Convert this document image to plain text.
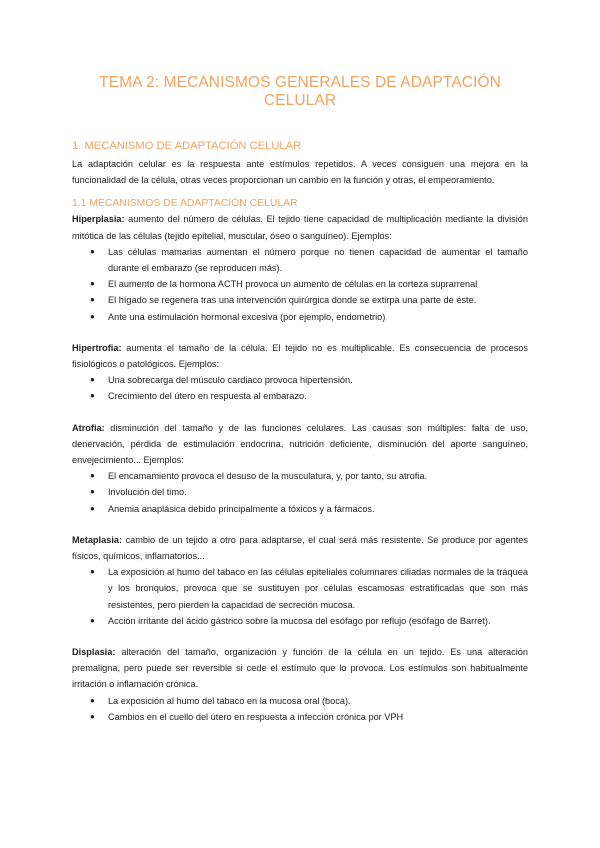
TEMA 2: MECANISMOS GENERALES DE ADAPTACIÓN CELULAR
1. MECANISMO DE ADAPTACIÓN CELULAR

La adaptación celular es la respuesta ante estímulos repetidos. A veces consiguen una mejora en la funcionalidad de la célula, otras veces proporcionan un cambio en la función y otras, el empeoramiento.

1.1 MECANISMOS DE ADAPTACIÓN CELULAR

Hiperplasia: aumento del número de células. El tejido tiene capacidad de multiplicación mediante la división mitótica de las células (tejido epitelial, muscular, óseo o sanguíneo). Ejemplos:

● Las células mamarias aumentan el número porque no tienen capacidad de aumentar el tamaño durante el embarazo (se reproducen más).
● El aumento de la hormona ACTH provoca un aumento de células en la corteza suprarrenal
● El hígado se regenera tras una intervención quirúrgica donde se extirpa una parte de éste.
● Ante una estimulación hormonal excesiva (por ejemplo, endometrio)

Hipertrofia: aumenta el tamaño de la célula. El tejido no es multiplicable. Es consecuencia de procesos fisiológicos o patológicos. Ejemplos:

● Una sobrecarga del músculo cardiaco provoca hipertensión.
● Crecimiento del útero en respuesta al embarazo.

Atrofia: disminución del tamaño y de las funciones celulares. Las causas son múltiples: falta de uso, denervación, pérdida de estimulación endocrina, nutrición deficiente, disminución del aporte sanguíneo, envejecimiento... Ejemplos:

● El encamamiento provoca el desuso de la musculatura, y, por tanto, su atrofia.
● Involución del timo.
● Anemia anaplásica debido principalmente a tóxicos y a fármacos.

Metaplasia: cambio de un tejido a otro para adaptarse, el cual será más resistente. Se produce por agentes físicos, químicos, inflamatorios...

● La exposición al humo del tabaco en las células epiteliales columnares ciliadas normales de la tráquea y los bronquios, provoca que se sustituyen por células escamosas estratificadas que son más resistentes, pero pierden la capacidad de secreción mucosa.
● Acción irritante del ácido gástrico sobre la mucosa del esófago por reflujo (esófago de Barret).

Displasia: alteración del tamaño, organización y función de la célula en un tejido. Es una alteración premaligna, pero puede ser reversible si cede el estímulo que lo provoca. Los estímulos son habitualmente irritación o inflamación crónica.

● La exposición al humo del tabaco en la mucosa oral (boca).
● Cambios en el cuello del útero en respuesta a infección crónica por VPH
